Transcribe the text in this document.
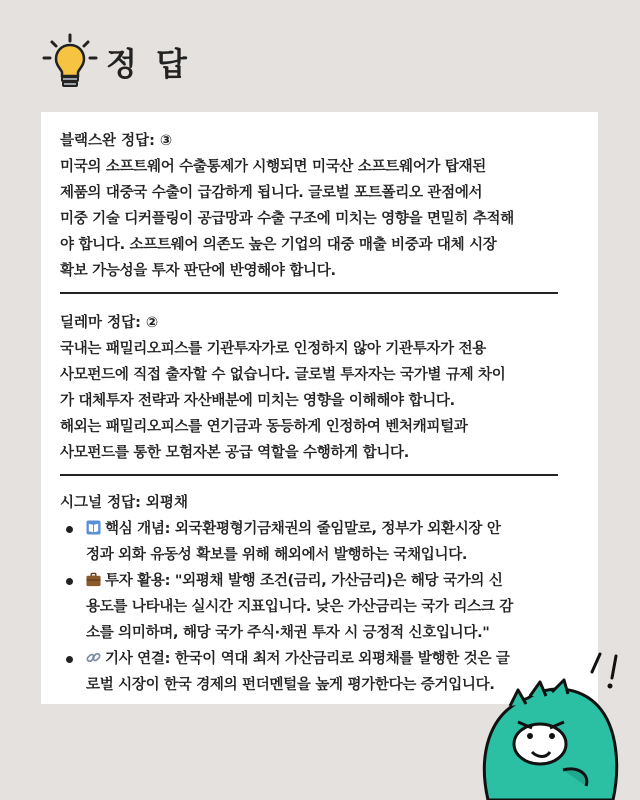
정 답
블랙스완 정답: ③

미국의 소프트웨어 수출통제가 시행되면 미국산 소프트웨어가 탑재된

제품의 대중국 수출이 급감하게 됩니다. 글로벌 포트폴리오 관점에서

미중 기술 디커플링이 공급망과 수출 구조에 미치는 영향을 면밀히 추적해

야 합니다. 소프트웨어 의존도 높은 기업의 대중 매출 비중과 대체 시장

확보 가능성을 투자 판단에 반영해야 합니다.

딜레마 정답: ②

국내는 패밀리오피스를 기관투자가로 인정하지 않아 기관투자가 전용

사모펀드에 직접 출자할 수 없습니다. 글로벌 투자자는 국가별 규제 차이

가 대체투자 전략과 자산배분에 미치는 영향을 이해해야 합니다.

해외는 패밀리오피스를 연기금과 동등하게 인정하여 벤처캐피털과

사모펀드를 통한 모험자본 공급 역할을 수행하게 합니다.

시그널 정답: 외평채
핵심 개념: 외국환평형기금채권의 줄임말로, 정부가 외환시장 안
정과 외화 유동성 확보를 위해 해외에서 발행하는 국채입니다.
투자 활용: "외평채 발행 조건(금리, 가산금리)은 해당 국가의 신
용도를 나타내는 실시간 지표입니다. 낮은 가산금리는 국가 리스크 감
소를 의미하며, 해당 국가 주식·채권 투자 시 긍정적 신호입니다."
기사 연결: 한국이 역대 최저 가산금리로 외평채를 발행한 것은 글
로벌 시장이 한국 경제의 펀더멘털을 높게 평가한다는 증거입니다.
